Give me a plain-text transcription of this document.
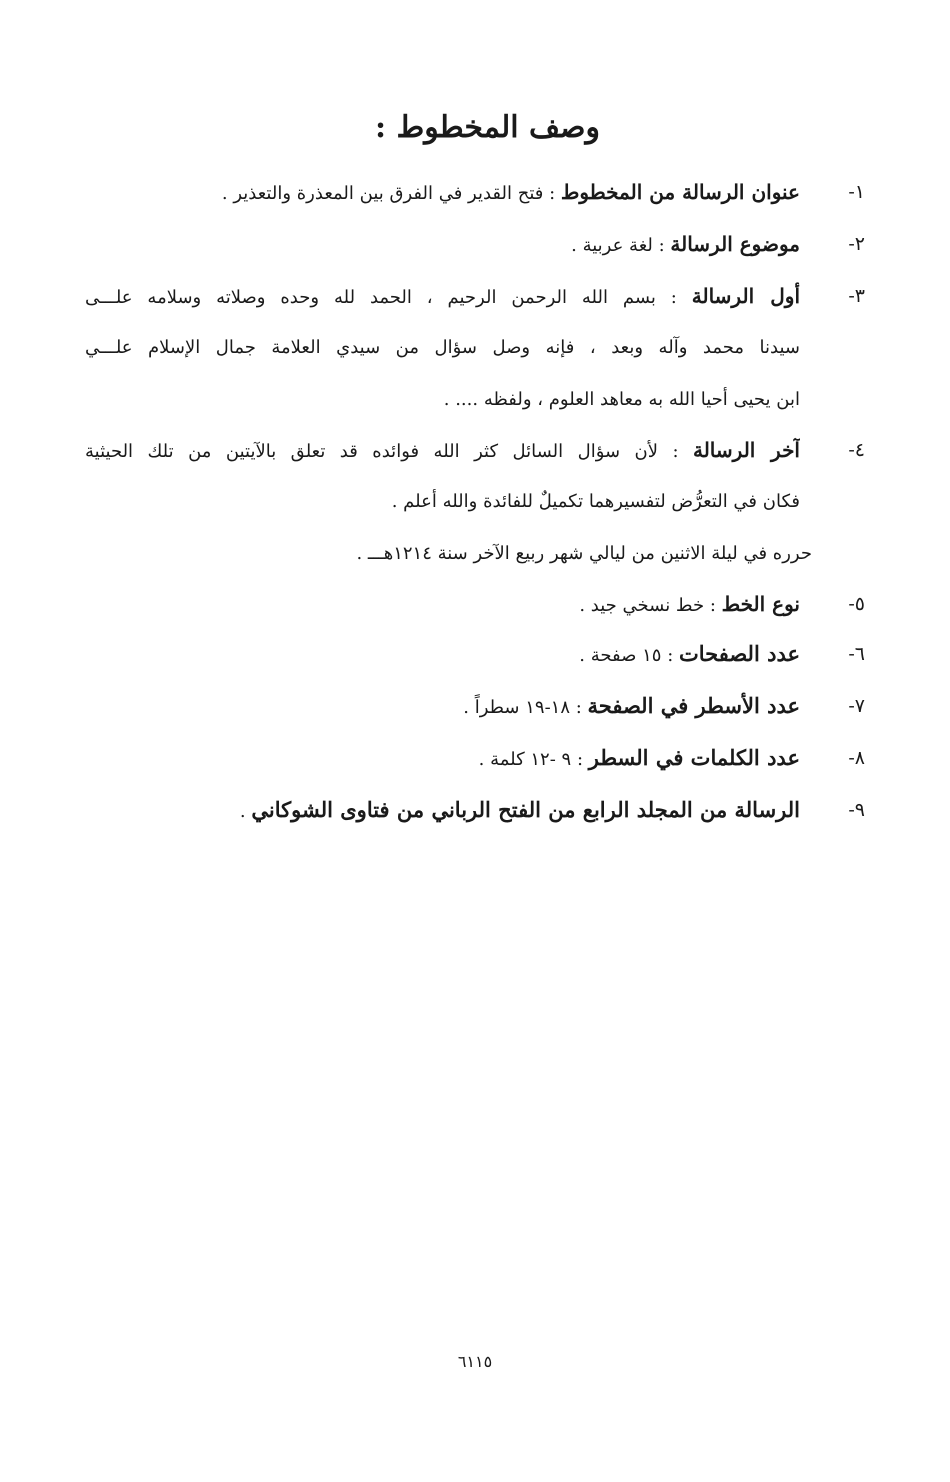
وصف المخطوط :
١-
عنوان الرسالة من المخطوط : فتح القدير في الفرق بين المعذرة والتعذير .
٢-
موضوع الرسالة : لغة عربية .
٣-
أول الرسالة : بسم الله الرحمن الرحيم ، الحمد لله وحده وصلاته وسلامه علـــى
سيدنا محمد وآله وبعد ، فإنه وصل سؤال من سيدي العلامة جمال الإسلام علـــي
ابن يحيى أحيا الله به معاهد العلوم ، ولفظه .... .
٤-
آخر الرسالة : لأن سؤال السائل كثر الله فوائده قد تعلق بالآيتين من تلك الحيثية
فكان في التعرُّض لتفسيرهما تكميلٌ للفائدة والله أعلم .
حرره في ليلة الاثنين من ليالي شهر ربيع الآخر سنة ١٢١٤هـــ .
٥-
نوع الخط : خط نسخي جيد .
٦-
عدد الصفحات : ١٥ صفحة .
٧-
عدد الأسطر في الصفحة : ١٨-١٩ سطراً .
٨-
عدد الكلمات في السطر : ٩ -١٢ كلمة .
٩-
الرسالة من المجلد الرابع من الفتح الرباني من فتاوى الشوكاني .
٦١١٥
